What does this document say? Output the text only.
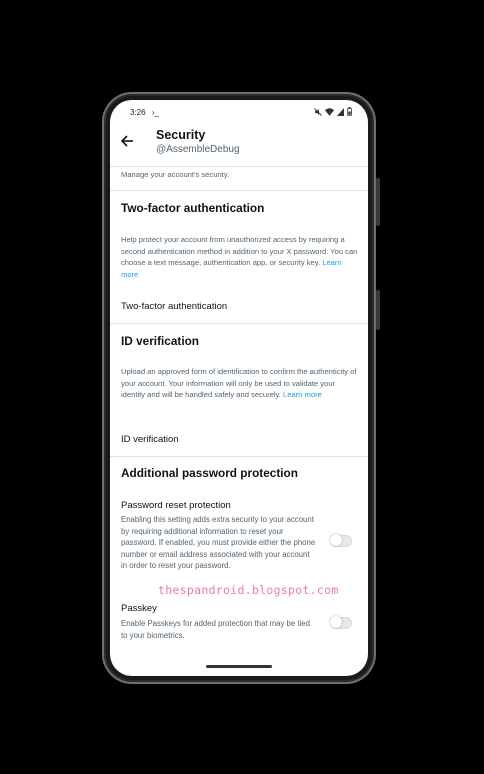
3:26 ›_
Security
@AssembleDebug
Manage your account's security.
Two-factor authentication
Help protect your account from unauthorized access by requiring a second authentication method in addition to your X password. You can choose a text message, authentication app, or security key. Learn more
Two-factor authentication
ID verification
Upload an approved form of identification to confirm the authenticity of your account. Your information will only be used to validate your identity and will be handled safely and securely. Learn more
ID verification
Additional password protection
Password reset protection
Enabling this setting adds extra security to your account by requiring additional information to reset your password. If enabled, you must provide either the phone number or email address associated with your account in order to reset your password.
thespandroid.blogspot.com
Passkey
Enable Passkeys for added protection that may be tied to your biometrics.
